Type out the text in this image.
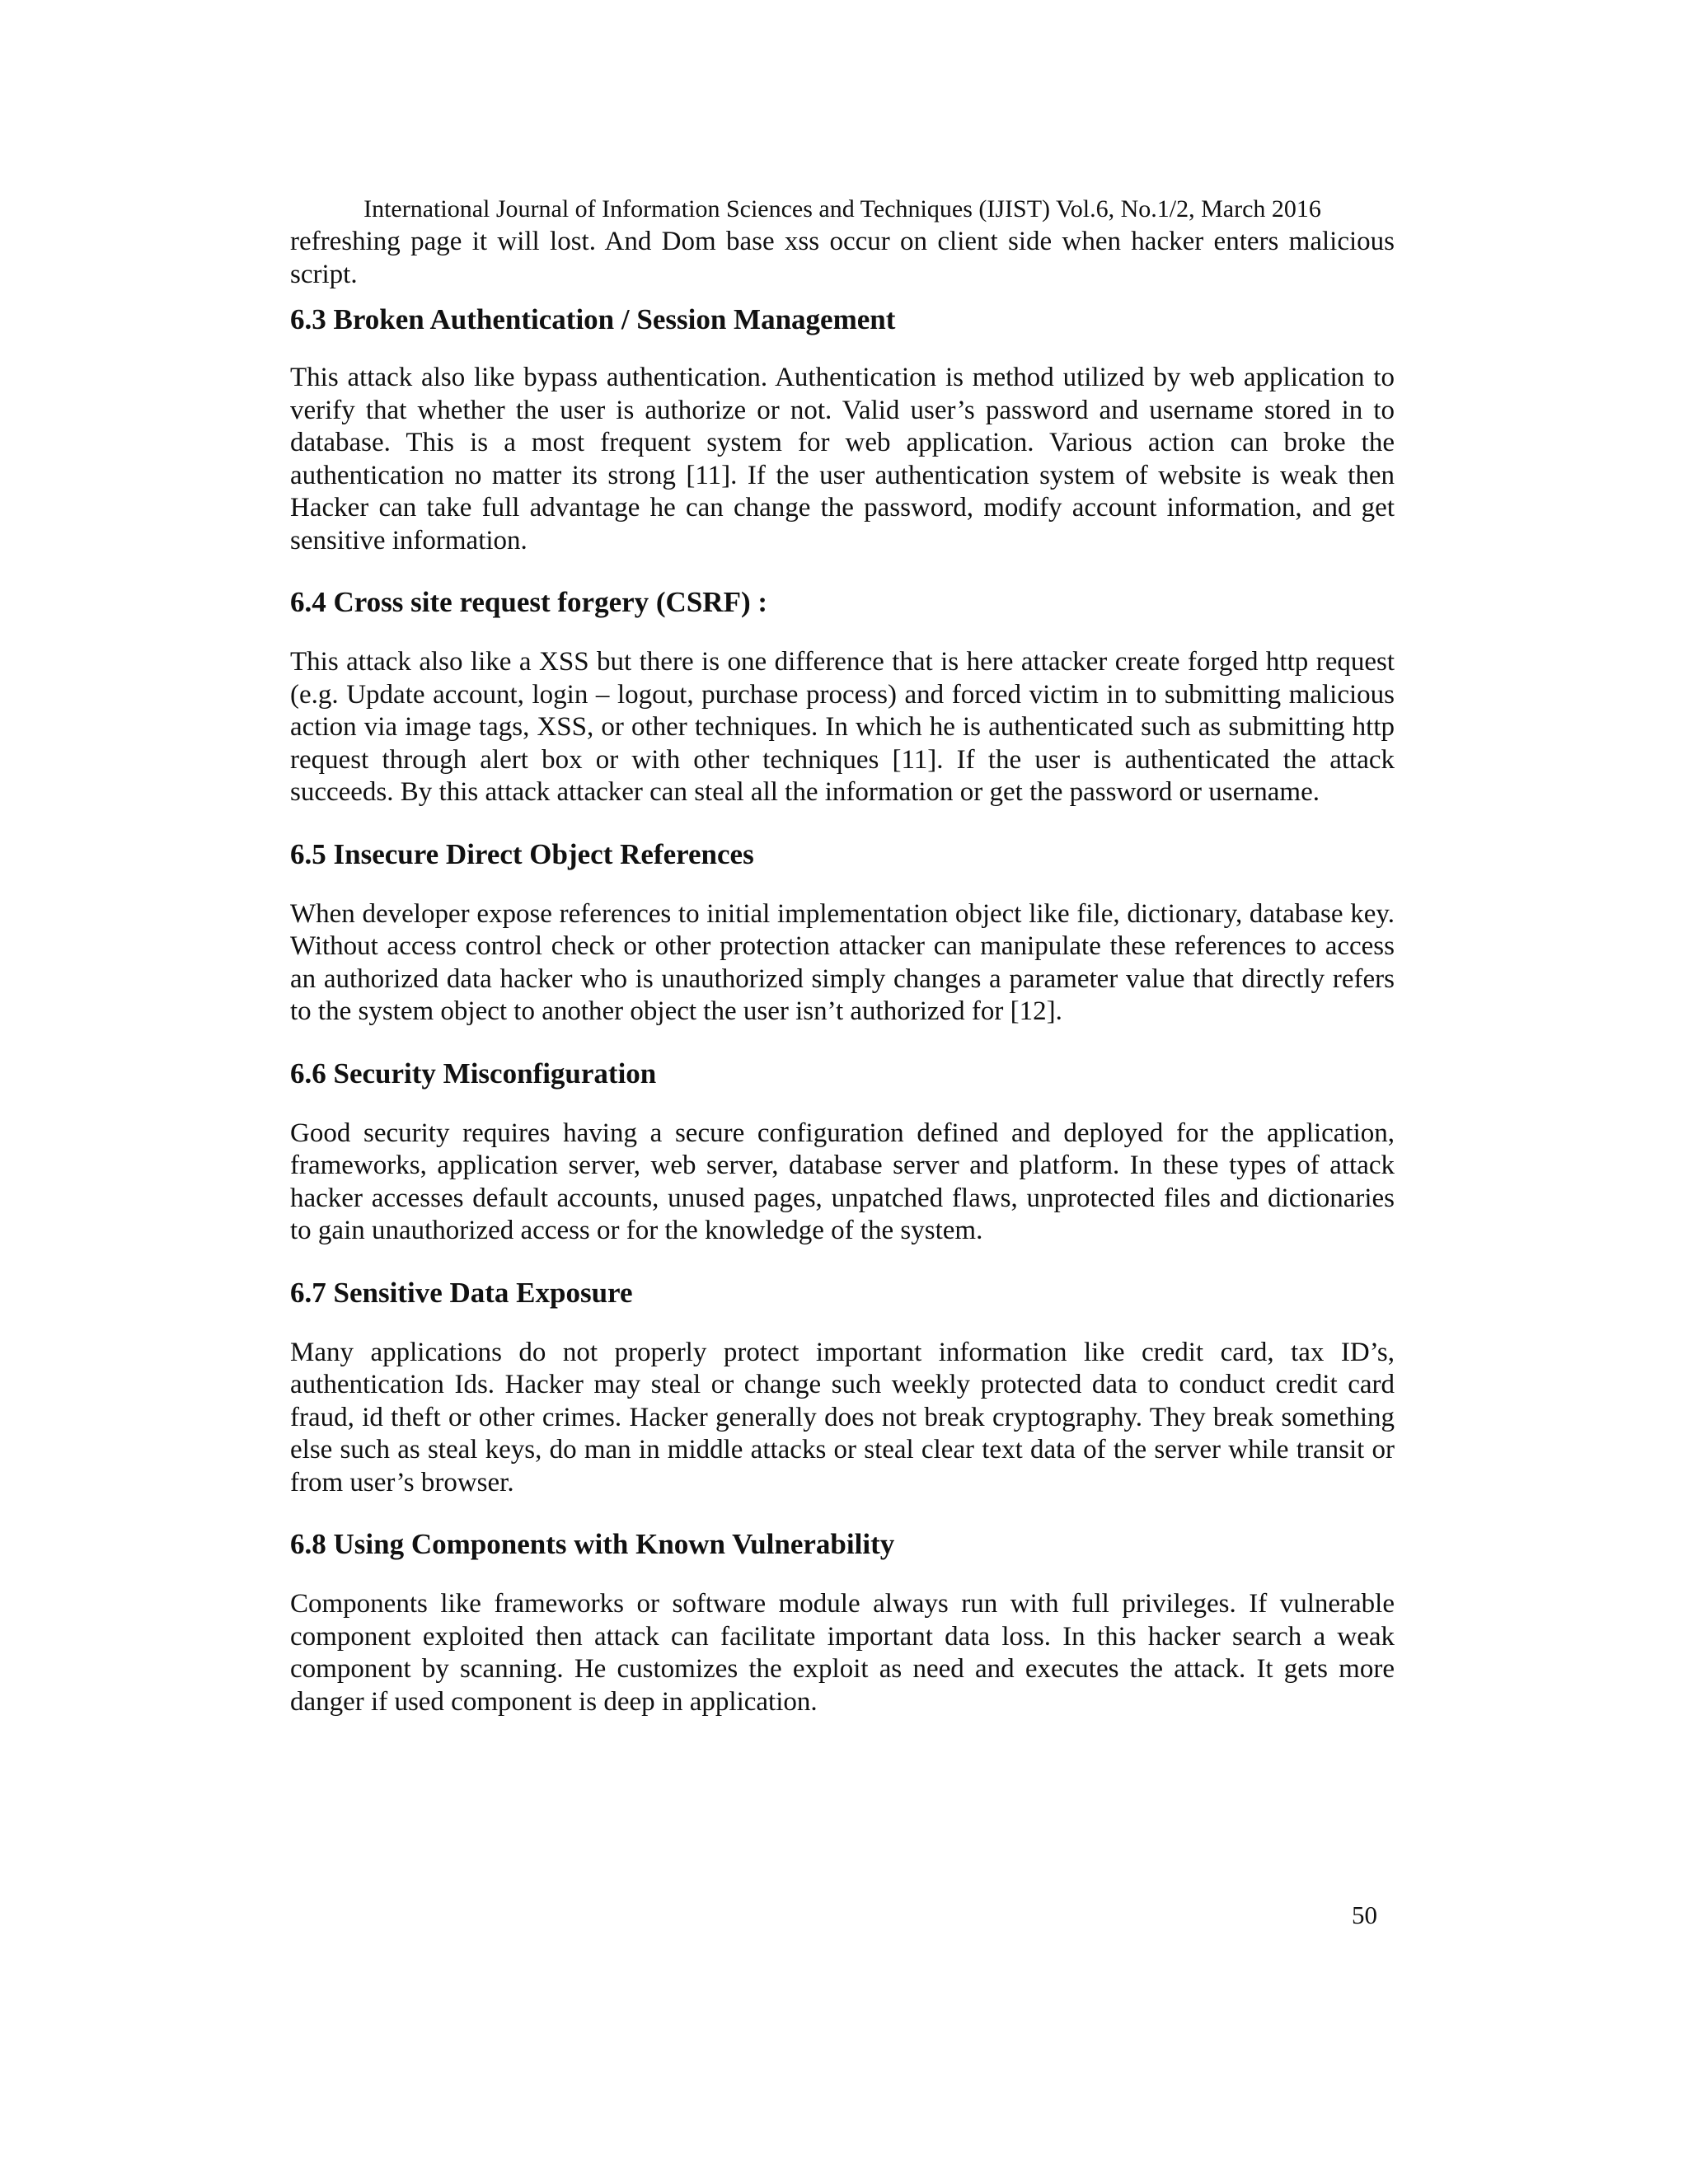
International Journal of Information Sciences and Techniques (IJIST) Vol.6, No.1/2, March 2016

refreshing page it will lost. And Dom base xss occur on client side when hacker enters malicious script.

6.3 Broken Authentication / Session Management

This attack also like bypass authentication. Authentication is method utilized by web application to verify that whether the user is authorize or not. Valid user’s password and username stored in to database. This is a most frequent system for web application. Various action can broke the authentication no matter its strong [11]. If the user authentication system of website is weak then Hacker can take full advantage he can change the password, modify account information, and get sensitive information.

6.4 Cross site request forgery (CSRF) :

This attack also like a XSS but there is one difference that is here attacker create forged http request (e.g. Update account, login – logout, purchase process) and forced victim in to submitting malicious action via image tags, XSS, or other techniques. In which he is authenticated such as submitting http request through alert box or with other techniques [11]. If the user is authenticated the attack succeeds. By this attack attacker can steal all the information or get the password or username.

6.5 Insecure Direct Object References

When developer expose references to initial implementation object like file, dictionary, database key. Without access control check or other protection attacker can manipulate these references to access an authorized data hacker who is unauthorized simply changes a parameter value that directly refers to the system object to another object the user isn’t authorized for [12].

6.6 Security Misconfiguration

Good security requires having a secure configuration defined and deployed for the application, frameworks, application server, web server, database server and platform. In these types of attack hacker accesses default accounts, unused pages, unpatched flaws, unprotected files and dictionaries to gain unauthorized access or for the knowledge of the system.

6.7 Sensitive Data Exposure

Many applications do not properly protect important information like credit card, tax ID’s, authentication Ids. Hacker may steal or change such weekly protected data to conduct credit card fraud, id theft or other crimes. Hacker generally does not break cryptography. They break something else such as steal keys, do man in middle attacks or steal clear text data of the server while transit or from user’s browser.

6.8 Using Components with Known Vulnerability

Components like frameworks or software module always run with full privileges. If vulnerable component exploited then attack can facilitate important data loss. In this hacker search a weak component by scanning. He customizes the exploit as need and executes the attack. It gets more danger if used component is deep in application.

50
